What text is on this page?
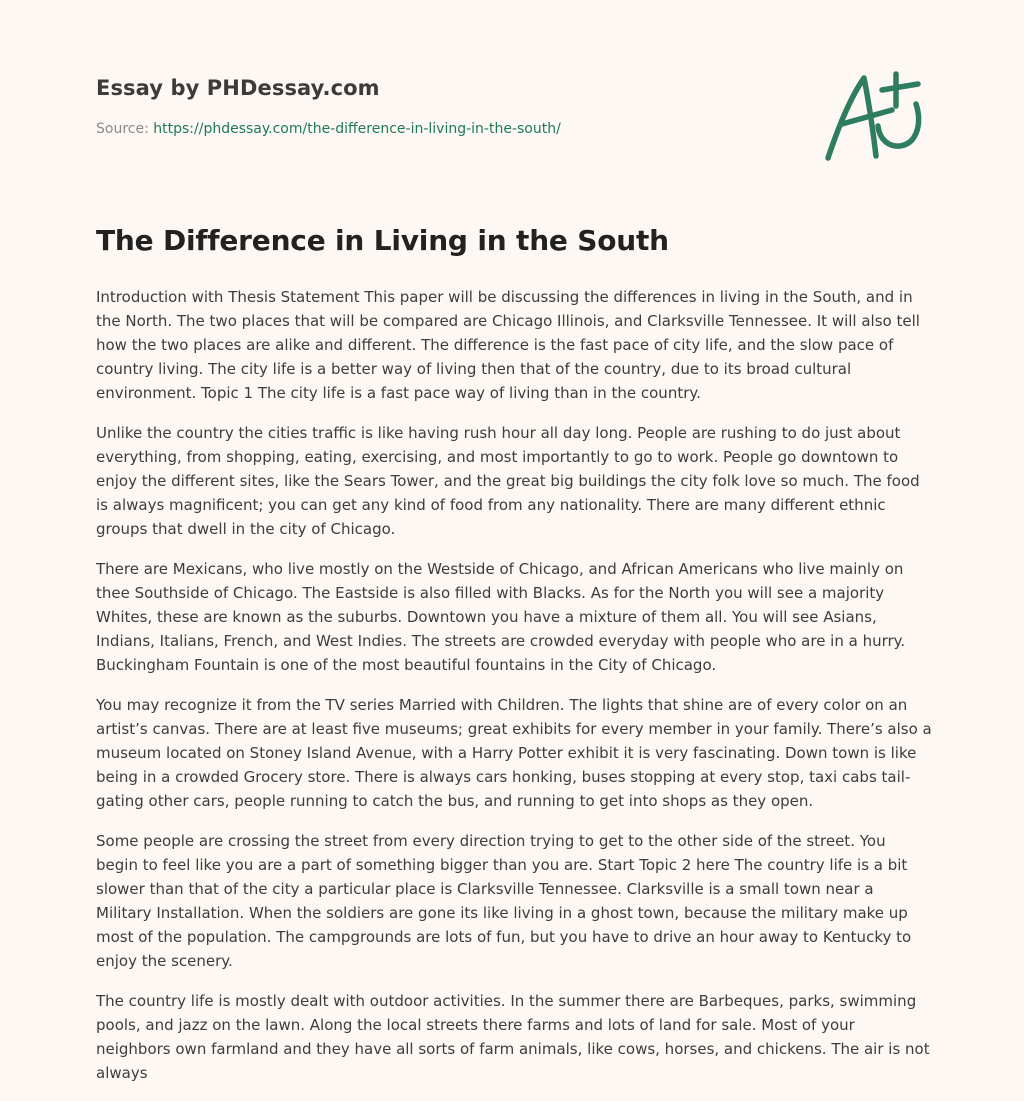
Essay by PHDessay.com
Source: https://phdessay.com/the-difference-in-living-in-the-south/
The Difference in Living in the South

Introduction with Thesis Statement This paper will be discussing the differences in living in the South, and in the North. The two places that will be compared are Chicago Illinois, and Clarksville Tennessee. It will also tell how the two places are alike and different. The difference is the fast pace of city life, and the slow pace of country living. The city life is a better way of living then that of the country, due to its broad cultural environment. Topic 1 The city life is a fast pace way of living than in the country.

Unlike the country the cities traffic is like having rush hour all day long. People are rushing to do just about everything, from shopping, eating, exercising, and most importantly to go to work. People go downtown to enjoy the different sites, like the Sears Tower, and the great big buildings the city folk love so much. The food is always magnificent; you can get any kind of food from any nationality. There are many different ethnic groups that dwell in the city of Chicago.

There are Mexicans, who live mostly on the Westside of Chicago, and African Americans who live mainly on thee Southside of Chicago. The Eastside is also filled with Blacks. As for the North you will see a majority Whites, these are known as the suburbs. Downtown you have a mixture of them all. You will see Asians, Indians, Italians, French, and West Indies. The streets are crowded everyday with people who are in a hurry. Buckingham Fountain is one of the most beautiful fountains in the City of Chicago.

You may recognize it from the TV series Married with Children. The lights that shine are of every color on an artist’s canvas. There are at least five museums; great exhibits for every member in your family. There’s also a museum located on Stoney Island Avenue, with a Harry Potter exhibit it is very fascinating. Down town is like being in a crowded Grocery store. There is always cars honking, buses stopping at every stop, taxi cabs tail-gating other cars, people running to catch the bus, and running to get into shops as they open.

Some people are crossing the street from every direction trying to get to the other side of the street. You begin to feel like you are a part of something bigger than you are. Start Topic 2 here The country life is a bit slower than that of the city a particular place is Clarksville Tennessee. Clarksville is a small town near a Military Installation. When the soldiers are gone its like living in a ghost town, because the military make up most of the population. The campgrounds are lots of fun, but you have to drive an hour away to Kentucky to enjoy the scenery.

The country life is mostly dealt with outdoor activities. In the summer there are Barbeques, parks, swimming pools, and jazz on the lawn. Along the local streets there farms and lots of land for sale. Most of your neighbors own farmland and they have all sorts of farm animals, like cows, horses, and chickens. The air is not always
